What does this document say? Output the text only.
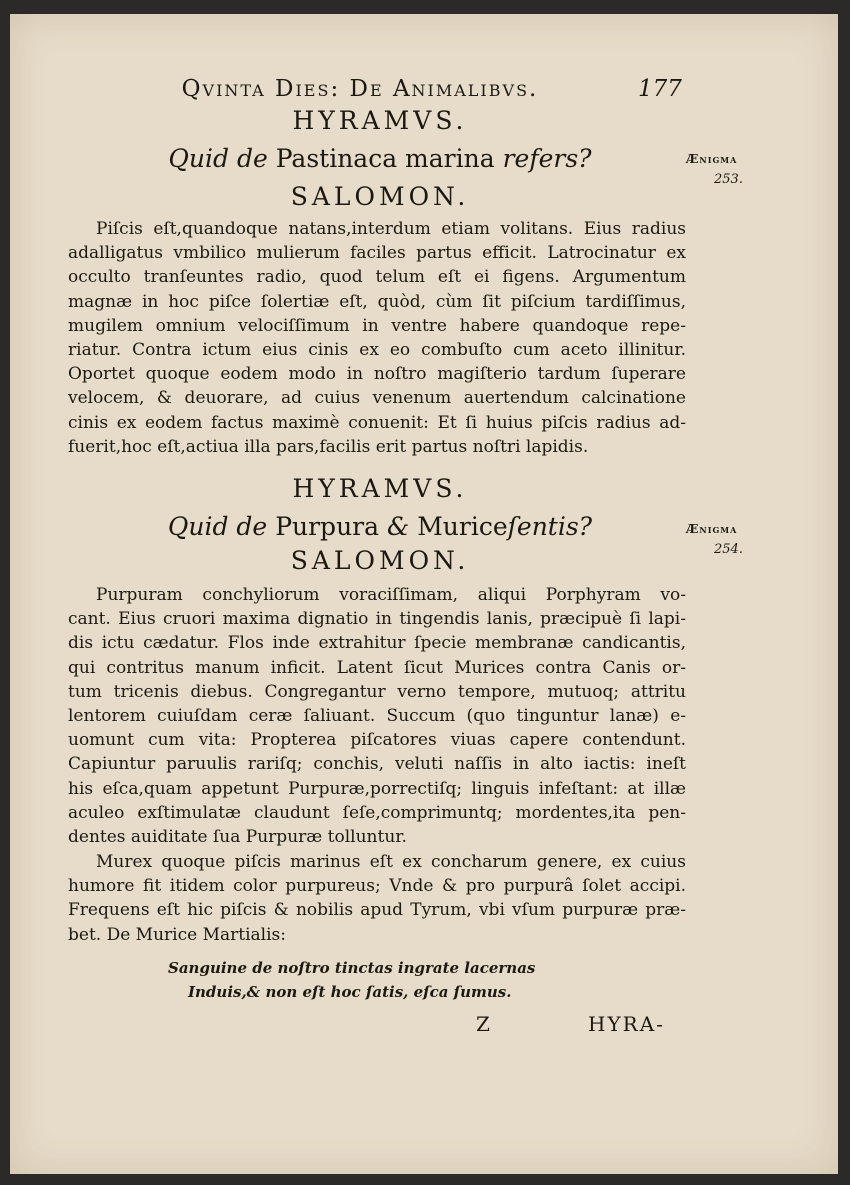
Qvinta Dies: De Animalibvs.	177
HYRAMVS.
Quid de Pastinaca marina refers?	Ænigma
253.
SALOMON.
Piſcis eſt,quandoque natans,interdum etiam volitans. Eius radius
adalligatus vmbilico mulierum faciles partus efficit. Latrocinatur ex
occulto tranſeuntes radio, quod telum eſt ei figens. Argumentum
magnæ in hoc piſce ſolertiæ eſt, quòd, cùm ſit piſcium tardiſſimus,
mugilem omnium velociſſimum in ventre habere quandoque repe-
riatur. Contra ictum eius cinis ex eo combuſto cum aceto illinitur.
Oportet quoque eodem modo in noſtro magiſterio tardum ſuperare
velocem, & deuorare, ad cuius venenum auertendum calcinatione
cinis ex eodem factus maximè conuenit: Et ſi huius piſcis radius ad-
fuerit,hoc eſt,actiua illa pars,facilis erit partus noſtri lapidis.
HYRAMVS.
Quid de Purpura & Muriceſentis?	Ænigma
254.
SALOMON.
Purpuram conchyliorum voraciſſimam, aliqui Porphyram vo-
cant. Eius cruori maxima dignatio in tingendis lanis, præcipuè ſi lapi-
dis ictu cædatur. Flos inde extrahitur ſpecie membranæ candicantis,
qui contritus manum inficit. Latent ſicut Murices contra Canis or-
tum tricenis diebus. Congregantur verno tempore, mutuoq; attritu
lentorem cuiuſdam ceræ ſaliuant. Succum (quo tinguntur lanæ) e-
uomunt cum vita: Propterea piſcatores viuas capere contendunt.
Capiuntur paruulis rariſq; conchis, veluti naſſis in alto iactis: ineſt
his eſca,quam appetunt Purpuræ,porrectiſq; linguis infeſtant: at illæ
aculeo exſtimulatæ claudunt ſeſe,comprimuntq; mordentes,ita pen-
dentes auiditate ſua Purpuræ tolluntur.
Murex quoque piſcis marinus eſt ex concharum genere, ex cuius
humore fit itidem color purpureus; Vnde & pro purpurâ ſolet accipi.
Frequens eſt hic piſcis & nobilis apud Tyrum, vbi vſum purpuræ præ-
bet. De Murice Martialis:
Sanguine de noſtro tinctas ingrate lacernas
Induis,& non eſt hoc ſatis, eſca ſumus.
Z	HYRA-
